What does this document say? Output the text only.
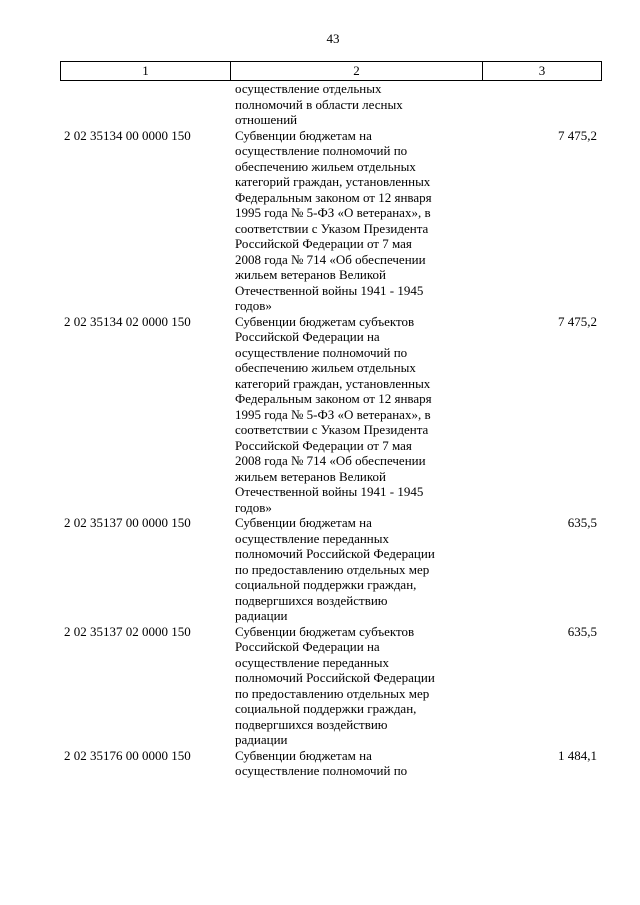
43
1	2	3
осуществление отдельных
полномочий в области лесных
отношений
2 02 35134 00 0000 150	Субвенции бюджетам на
осуществление полномочий по
обеспечению жильем отдельных
категорий граждан, установленных
Федеральным законом от 12 января
1995 года № 5-ФЗ «О ветеранах», в
соответствии с Указом Президента
Российской Федерации от 7 мая
2008 года № 714 «Об обеспечении
жильем ветеранов Великой
Отечественной войны 1941 - 1945
годов»
7 475,2
2 02 35134 02 0000 150	Субвенции бюджетам субъектов
Российской Федерации на
осуществление полномочий по
обеспечению жильем отдельных
категорий граждан, установленных
Федеральным законом от 12 января
1995 года № 5-ФЗ «О ветеранах», в
соответствии с Указом Президента
Российской Федерации от 7 мая
2008 года № 714 «Об обеспечении
жильем ветеранов Великой
Отечественной войны 1941 - 1945
годов»
7 475,2
2 02 35137 00 0000 150	Субвенции бюджетам на
осуществление переданных
полномочий Российской Федерации
по предоставлению отдельных мер
социальной поддержки граждан,
подвергшихся воздействию
радиации
635,5
2 02 35137 02 0000 150	Субвенции бюджетам субъектов
Российской Федерации на
осуществление переданных
полномочий Российской Федерации
по предоставлению отдельных мер
социальной поддержки граждан,
подвергшихся воздействию
радиации
635,5
2 02 35176 00 0000 150	Субвенции бюджетам на
осуществление полномочий по
1 484,1
